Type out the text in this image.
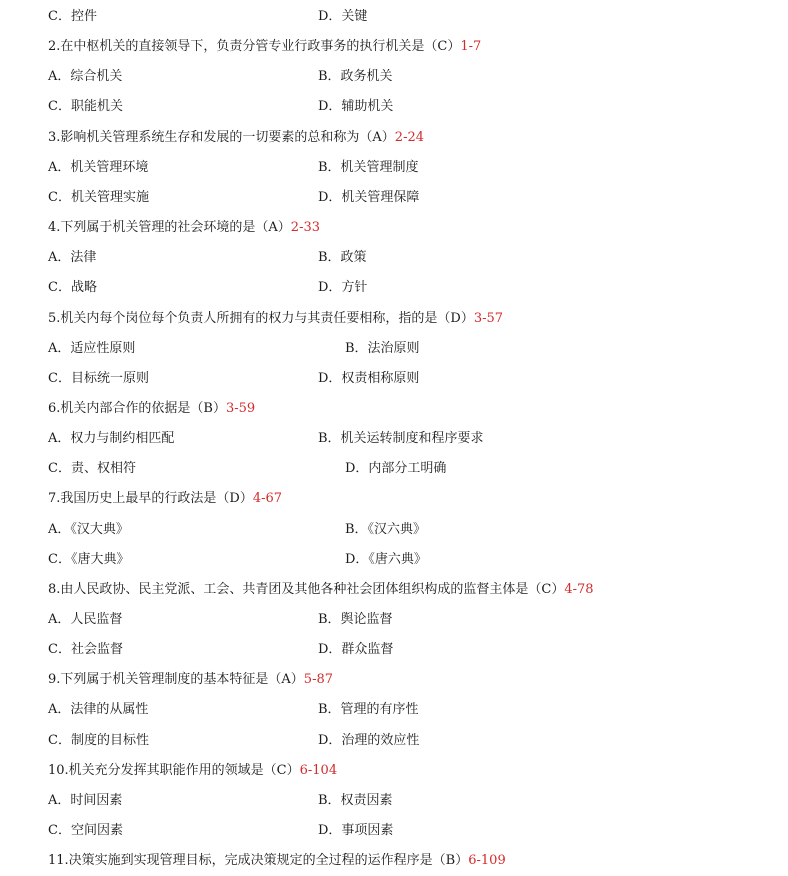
C．控件	D．关键
2.在中枢机关的直接领导下，负责分管专业行政事务的执行机关是（C）1-7
A．综合机关	B．政务机关
C．职能机关	D．辅助机关
3.影响机关管理系统生存和发展的一切要素的总和称为（A）2-24
A．机关管理环境	B．机关管理制度
C．机关管理实施	D．机关管理保障
4.下列属于机关管理的社会环境的是（A）2-33
A．法律	B．政策
C．战略	D．方针
5.机关内每个岗位每个负责人所拥有的权力与其责任要相称，指的是（D）3-57
A．适应性原则	B．法治原则
C．目标统一原则	D．权责相称原则
6.机关内部合作的依据是（B）3-59
A．权力与制约相匹配	B．机关运转制度和程序要求
C．责、权相符	D．内部分工明确
7.我国历史上最早的行政法是（D）4-67
A．《汉大典》	B．《汉六典》
C．《唐大典》	D．《唐六典》
8.由人民政协、民主党派、工会、共青团及其他各种社会团体组织构成的监督主体是（C）4-78
A．人民监督	B．舆论监督
C．社会监督	D．群众监督
9.下列属于机关管理制度的基本特征是（A）5-87
A．法律的从属性	B．管理的有序性
C．制度的目标性	D．治理的效应性
10.机关充分发挥其职能作用的领域是（C）6-104
A．时间因素	B．权责因素
C．空间因素	D．事项因素
11.决策实施到实现管理目标，完成决策规定的全过程的运作程序是（B）6-109
